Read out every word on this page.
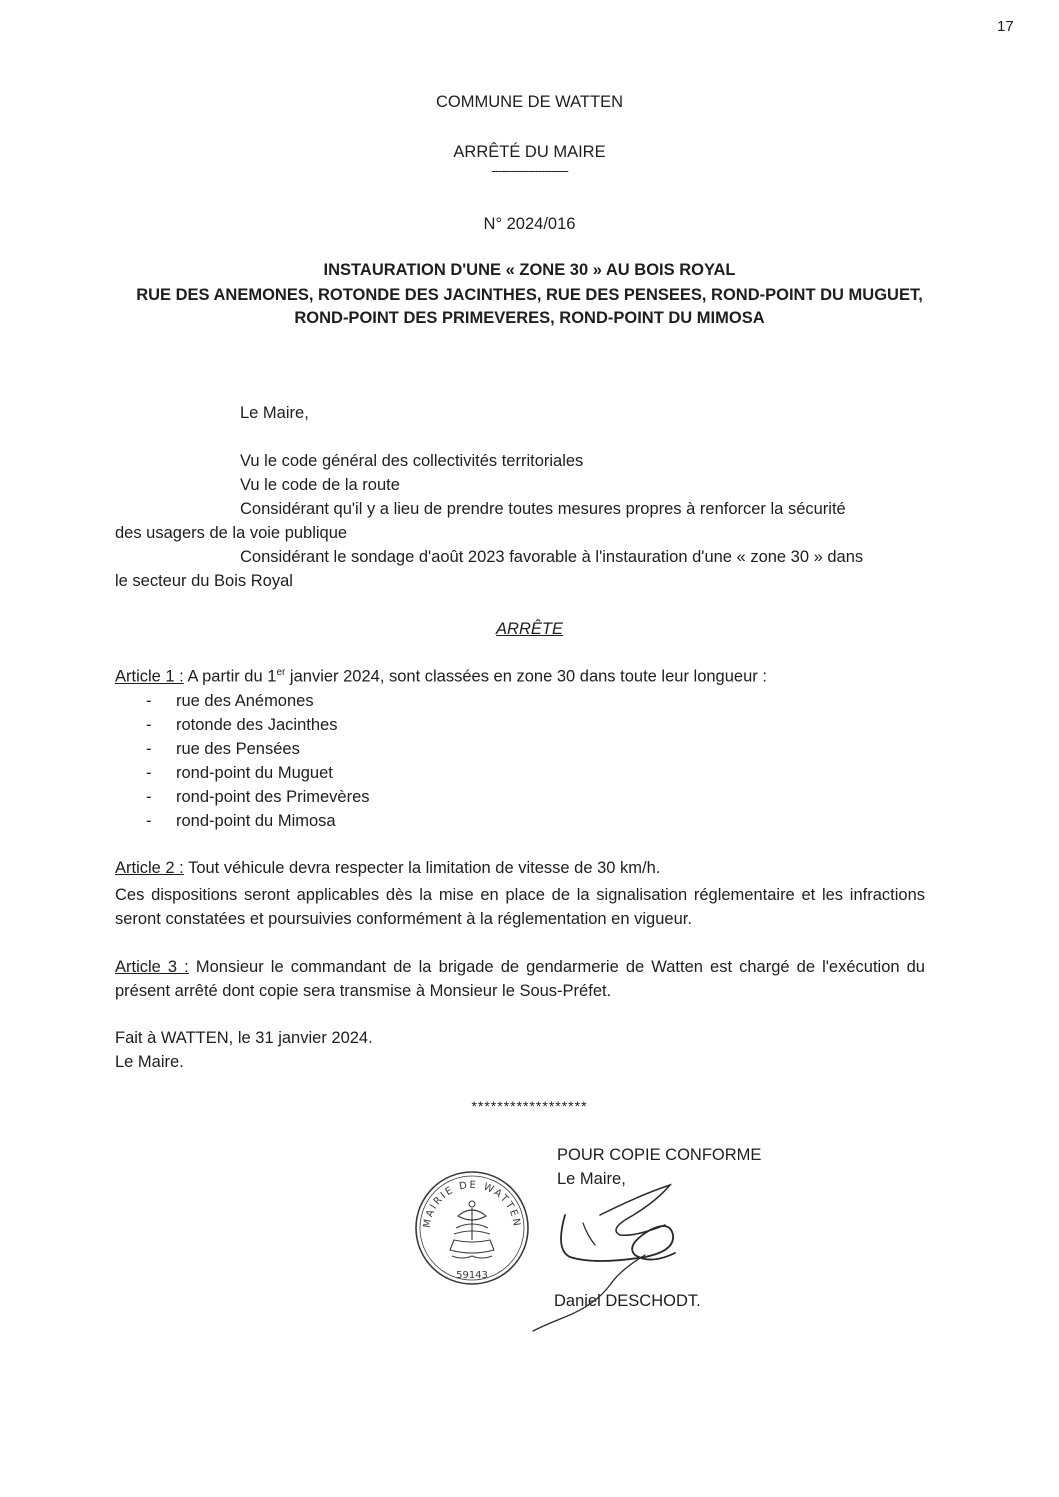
17
COMMUNE DE WATTEN
ARRÊTÉ DU MAIRE
-----------------------
N° 2024/016
INSTAURATION D'UNE « ZONE 30 » AU BOIS ROYAL
RUE DES ANEMONES, ROTONDE DES JACINTHES, RUE DES PENSEES, ROND-POINT DU MUGUET,
ROND-POINT DES PRIMEVERES, ROND-POINT DU MIMOSA
Le Maire,
Vu le code général des collectivités territoriales
Vu le code de la route
Considérant qu'il y a lieu de prendre toutes mesures propres à renforcer la sécurité
des usagers de la voie publique
Considérant le sondage d'août 2023 favorable à l'instauration d'une « zone 30 » dans
le secteur du Bois Royal
ARRÊTE
Article 1 : A partir du 1er janvier 2024, sont classées en zone 30 dans toute leur longueur :
- rue des Anémones
- rotonde des Jacinthes
- rue des Pensées
- rond-point du Muguet
- rond-point des Primevères
- rond-point du Mimosa
Article 2 : Tout véhicule devra respecter la limitation de vitesse de 30 km/h.
Ces dispositions seront applicables dès la mise en place de la signalisation réglementaire et les infractions seront constatées et poursuivies conformément à la réglementation en vigueur.
Article 3 : Monsieur le commandant de la brigade de gendarmerie de Watten est chargé de l'exécution du présent arrêté dont copie sera transmise à Monsieur le Sous-Préfet.
Fait à WATTEN, le 31 janvier 2024.
Le Maire.
******************
POUR COPIE CONFORME
Le Maire,
Daniel DESCHODT.
MAIRIE DE WATTEN
59143
